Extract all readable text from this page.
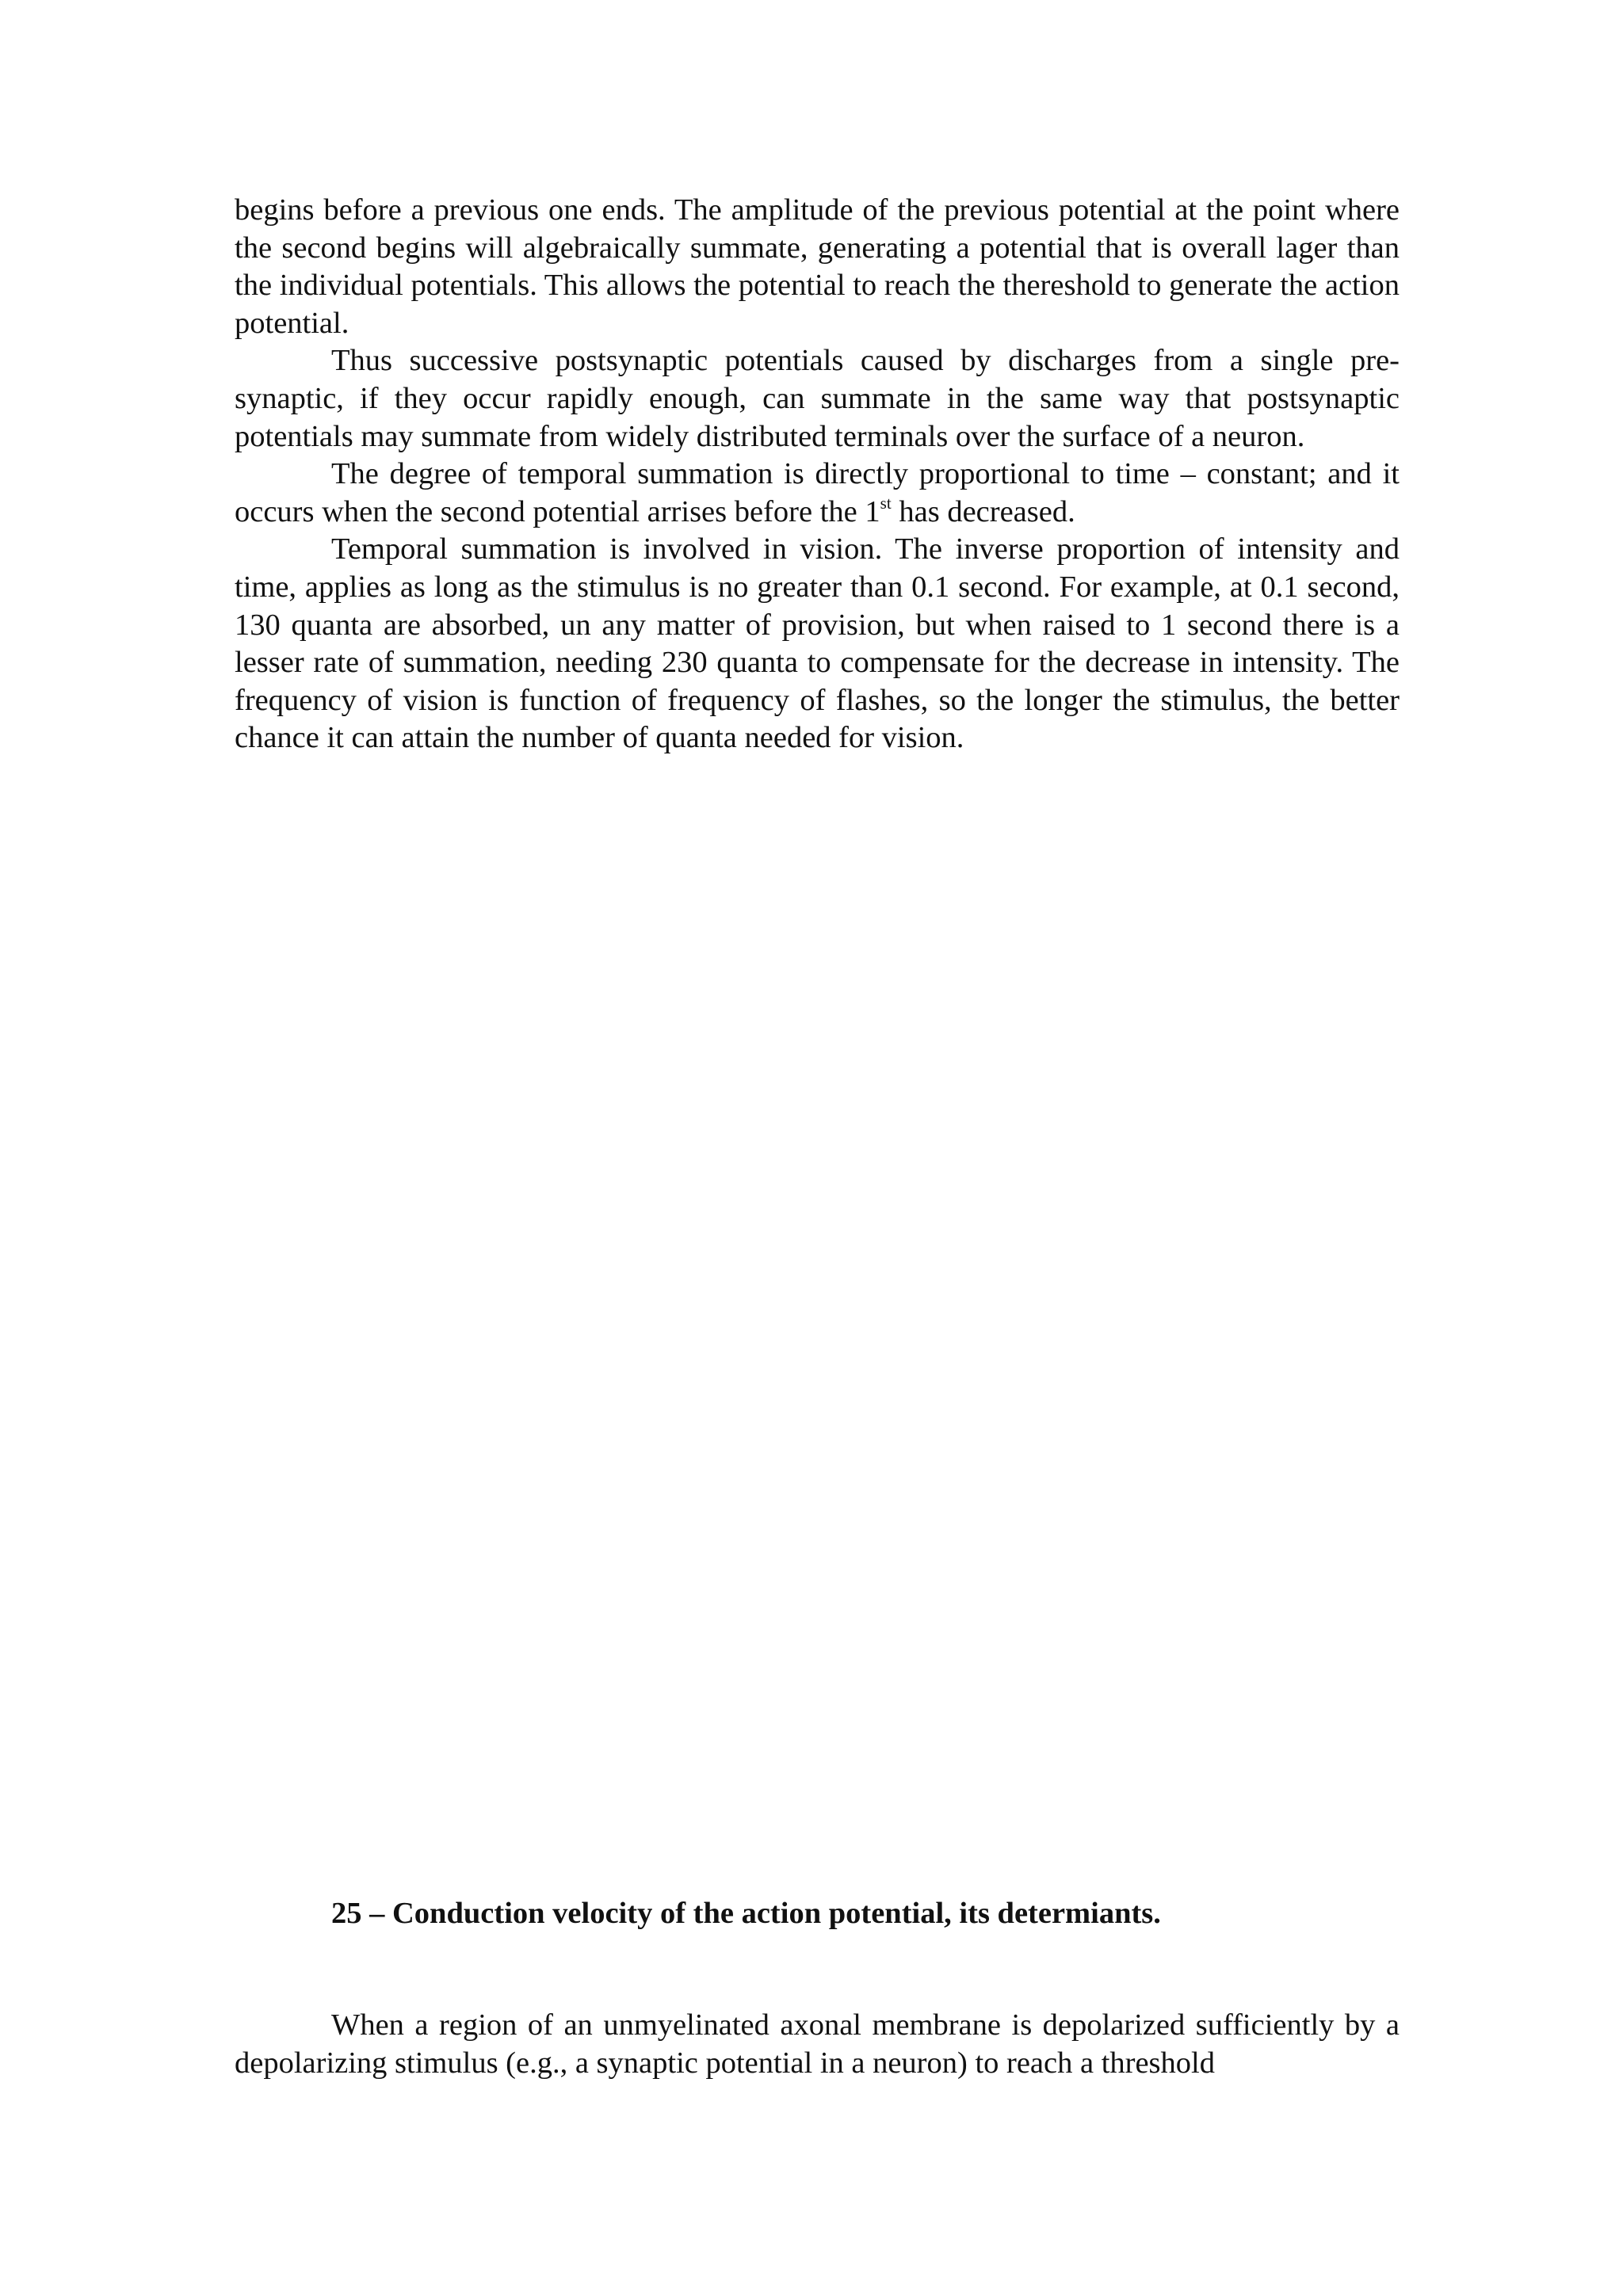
begins before a previous one ends. The amplitude of the previous potential at the point where the second begins will algebraically summate, generating a potential that is overall lager than the individual potentials. This allows the potential to reach the thereshold to generate the action potential.

Thus successive postsynaptic potentials caused by discharges from a single pre-synaptic, if they occur rapidly enough, can summate in the same way that postsynaptic potentials may summate from widely distributed terminals over the surface of a neuron.

The degree of temporal summation is directly proportional to time – constant; and it occurs when the second potential arrises before the 1st has decreased.

Temporal summation is involved in vision. The inverse proportion of intensity and time, applies as long as the stimulus is no greater than 0.1 second. For example, at 0.1 second, 130 quanta are absorbed, un any matter of provision, but when raised to 1 second there is a lesser rate of summation, needing 230 quanta to compensate for the decrease in intensity. The frequency of vision is function of frequency of flashes, so the longer the stimulus, the better chance it can attain the number of quanta needed for vision.

25 – Conduction velocity of the action potential, its determiants.

When a region of an unmyelinated axonal membrane is depolarized sufficiently by a depolarizing stimulus (e.g., a synaptic potential in a neuron) to reach a threshold
